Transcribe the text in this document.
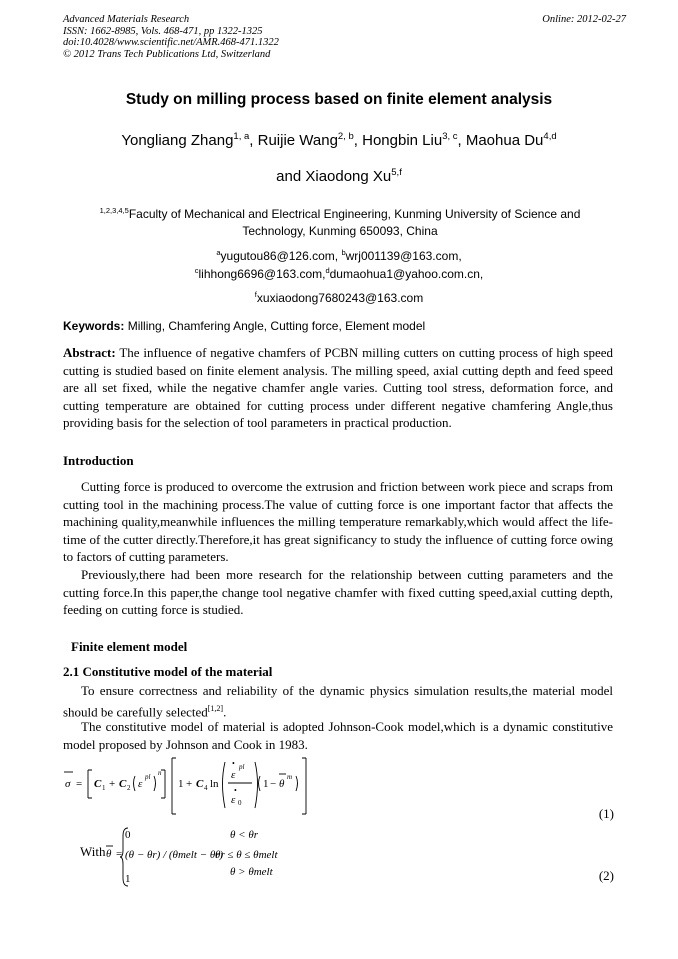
Advanced Materials Research
ISSN: 1662-8985, Vols. 468-471, pp 1322-1325
doi:10.4028/www.scientific.net/AMR.468-471.1322
© 2012 Trans Tech Publications Ltd, Switzerland
Online: 2012-02-27
Study on milling process based on finite element analysis
Yongliang Zhang$^{1, a}$, Ruijie Wang$^{2, b}$, Hongbin Liu$^{3, c}$, Maohua Du$^{4,d}$
and Xiaodong Xu$^{5,f}$
$^{1,2,3,4,5}$Faculty of Mechanical and Electrical Engineering, Kunming University of Science and Technology, Kunming 650093, China
$^a$yugutou86@126.com, $^b$wrj001139@163.com,
$^c$lihhong6696@163.com,$^d$dumaohua1@yahoo.com.cn,
$^f$xuxiaodong7680243@163.com
Keywords: Milling, Chamfering Angle, Cutting force, Element model
Abstract: The influence of negative chamfers of PCBN milling cutters on cutting process of high speed cutting is studied based on finite element analysis. The milling speed, axial cutting depth and feed speed are all set fixed, while the negative chamfer angle varies. Cutting tool stress, deformation force, and cutting temperature are obtained for cutting process under different negative chamfering Angle,thus providing basis for the selection of tool parameters in practical production.
Introduction
Cutting force is produced to overcome the extrusion and friction between work piece and scraps from cutting tool in the machining process.The value of cutting force is one important factor that affects the machining quality,meanwhile influences the milling temperature remarkably,which would affect the life-time of the cutter directly.Therefore,it has great significancy to study the influence of cutting force owing to factors of cutting parameters.
Previously,there had been more research for the relationship between cutting parameters and the cutting force.In this paper,the change tool negative chamfer with fixed cutting speed,axial cutting depth, feeding on cutting force is studied.
Finite element model
2.1 Constitutive model of the material
To ensure correctness and reliability of the dynamic physics simulation results,the material model should be carefully selected[1,2].
The constitutive model of material is adopted Johnson-Cook model,which is a dynamic constitutive model proposed by Johnson and Cook in 1983.
σ = C 1 + C 2 ε
pl n
1 + C 4 ln
• pl
ε
•
ε 0
1 − θ
m
(1)
With θ =
0
(θ − θr) / (θmelt − θr)
1
θ < θr
θr ≤ θ ≤ θmelt
θ > θmelt	(2)
